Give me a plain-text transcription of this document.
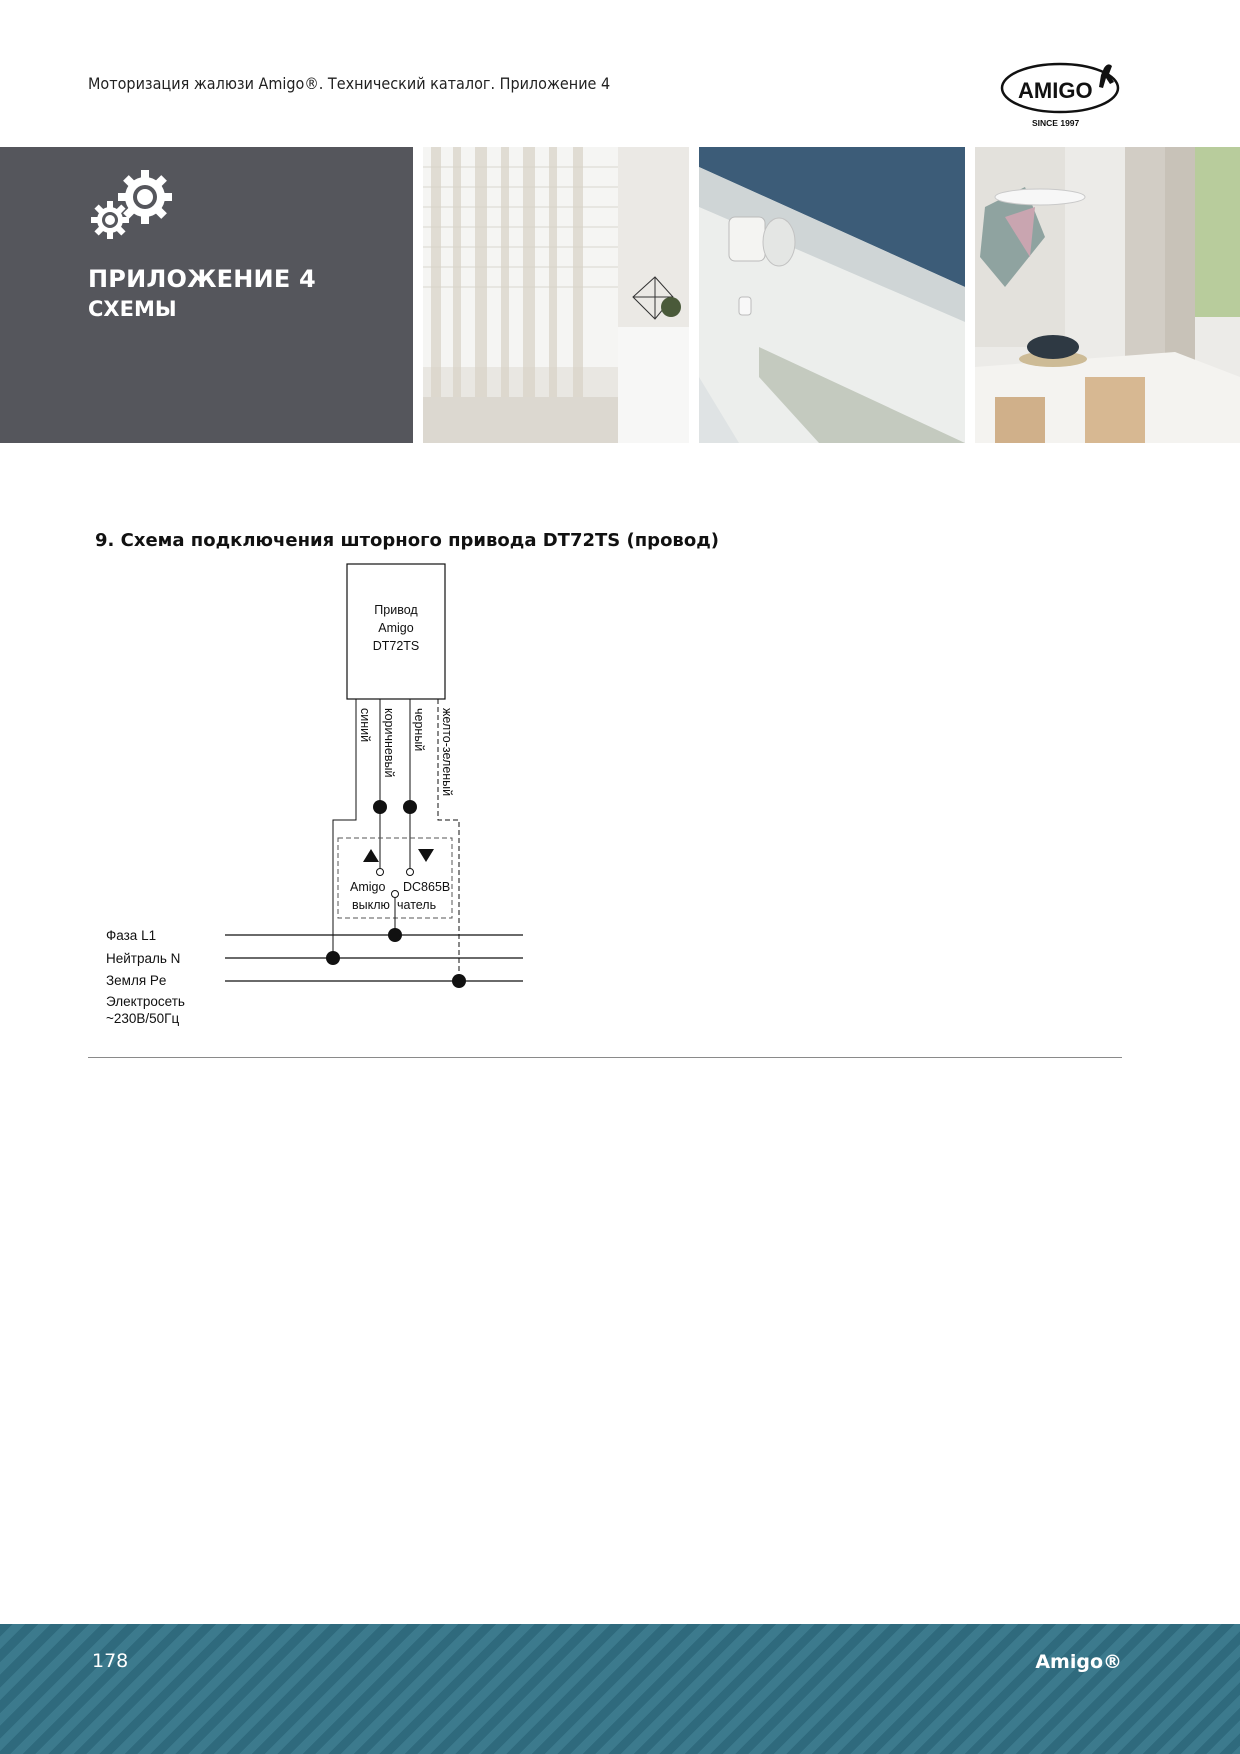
Моторизация жалюзи Amigo®. Технический каталог. Приложение 4	AMIGO
SINCE 1997
ПРИЛОЖЕНИЕ 4
СХЕМЫ
9. Схема подключения шторного привода DT72TS (провод)
Привод
Amigo
DT72TS
синий коричневый черный желто-зеленый
Amigo DC865B
выклю чатель
Фаза L1
Нейтраль N
Земля Pe
Электросеть
~230В/50Гц
178	Amigo®
